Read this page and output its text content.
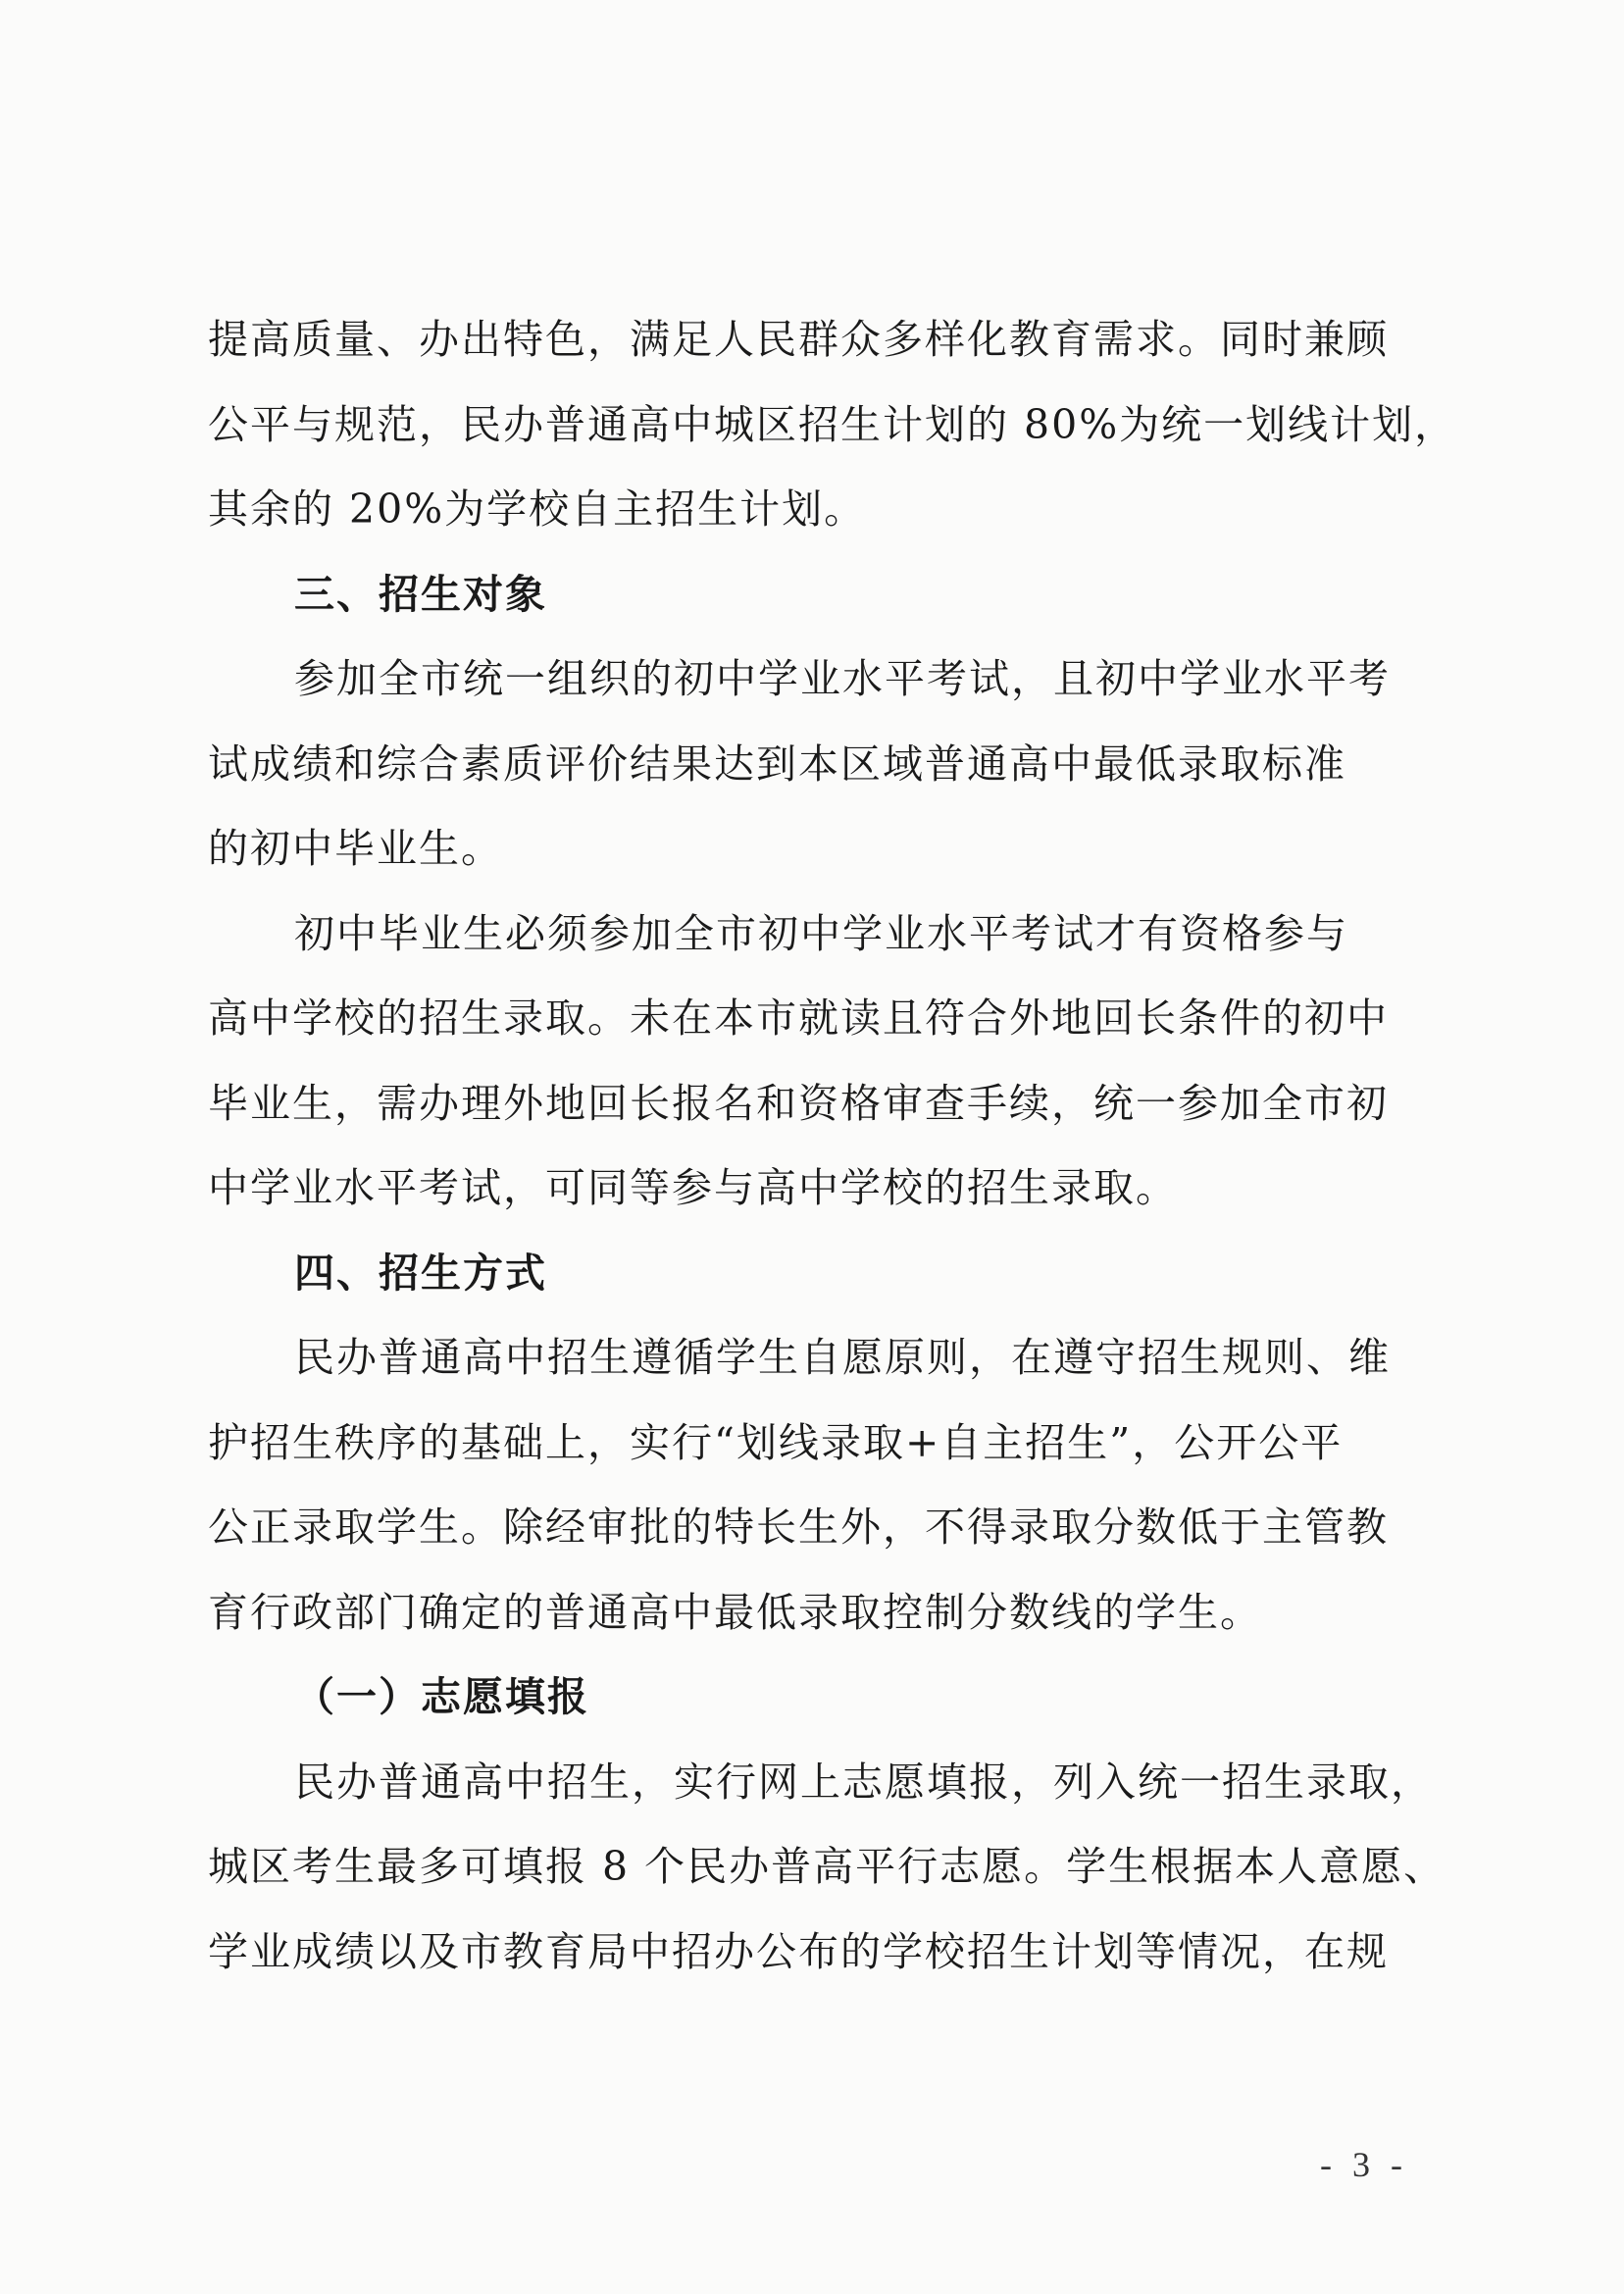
提高质量、办出特色，满足人民群众多样化教育需求。同时兼顾
公平与规范，民办普通高中城区招生计划的 80%为统一划线计划，
其余的 20%为学校自主招生计划。
三、招生对象
参加全市统一组织的初中学业水平考试，且初中学业水平考
试成绩和综合素质评价结果达到本区域普通高中最低录取标准
的初中毕业生。
初中毕业生必须参加全市初中学业水平考试才有资格参与
高中学校的招生录取。未在本市就读且符合外地回长条件的初中
毕业生，需办理外地回长报名和资格审查手续，统一参加全市初
中学业水平考试，可同等参与高中学校的招生录取。
四、招生方式
民办普通高中招生遵循学生自愿原则，在遵守招生规则、维
护招生秩序的基础上，实行“划线录取+自主招生”，公开公平
公正录取学生。除经审批的特长生外，不得录取分数低于主管教
育行政部门确定的普通高中最低录取控制分数线的学生。
（一）志愿填报
民办普通高中招生，实行网上志愿填报，列入统一招生录取，
城区考生最多可填报 8 个民办普高平行志愿。学生根据本人意愿、
学业成绩以及市教育局中招办公布的学校招生计划等情况，在规
- 3 -
